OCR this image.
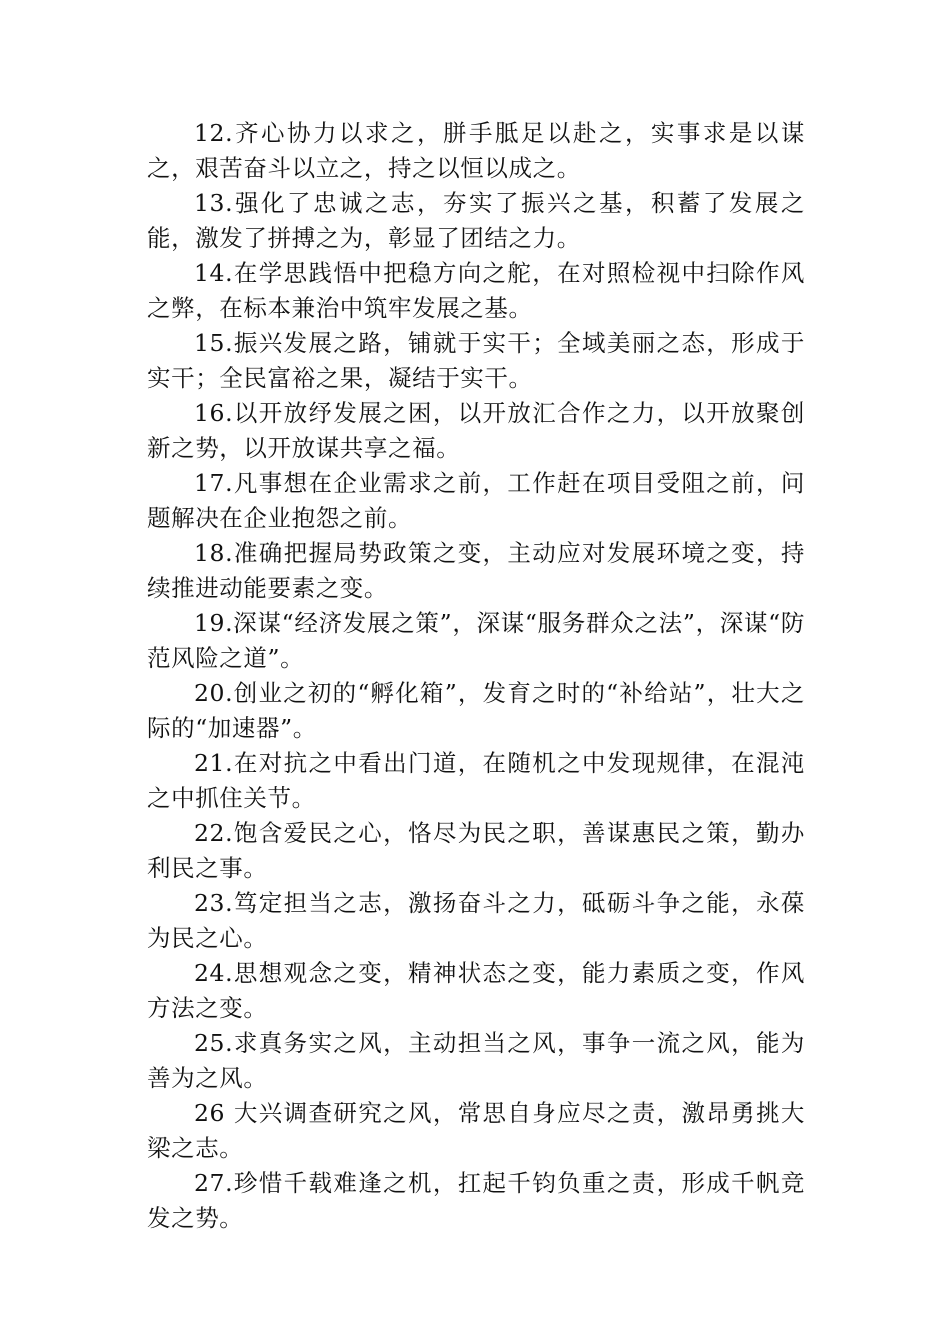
12.齐心协力以求之，胼手胝足以赴之，实事求是以谋之，艰苦奋斗以立之，持之以恒以成之。

13.强化了忠诚之志，夯实了振兴之基，积蓄了发展之能，激发了拼搏之为，彰显了团结之力。

14.在学思践悟中把稳方向之舵，在对照检视中扫除作风之弊，在标本兼治中筑牢发展之基。

15.振兴发展之路，铺就于实干；全域美丽之态，形成于实干；全民富裕之果，凝结于实干。

16.以开放纾发展之困，以开放汇合作之力，以开放聚创新之势，以开放谋共享之福。

17.凡事想在企业需求之前，工作赶在项目受阻之前，问题解决在企业抱怨之前。

18.准确把握局势政策之变，主动应对发展环境之变，持续推进动能要素之变。

19.深谋“经济发展之策”，深谋“服务群众之法”，深谋“防范风险之道”。

20.创业之初的“孵化箱”，发育之时的“补给站”，壮大之际的“加速器”。

21.在对抗之中看出门道，在随机之中发现规律，在混沌之中抓住关节。

22.饱含爱民之心，恪尽为民之职，善谋惠民之策，勤办利民之事。

23.笃定担当之志，激扬奋斗之力，砥砺斗争之能，永葆为民之心。

24.思想观念之变，精神状态之变，能力素质之变，作风方法之变。

25.求真务实之风，主动担当之风，事争一流之风，能为善为之风。

26 大兴调查研究之风，常思自身应尽之责，激昂勇挑大梁之志。

27.珍惜千载难逢之机，扛起千钧负重之责，形成千帆竞发之势。
